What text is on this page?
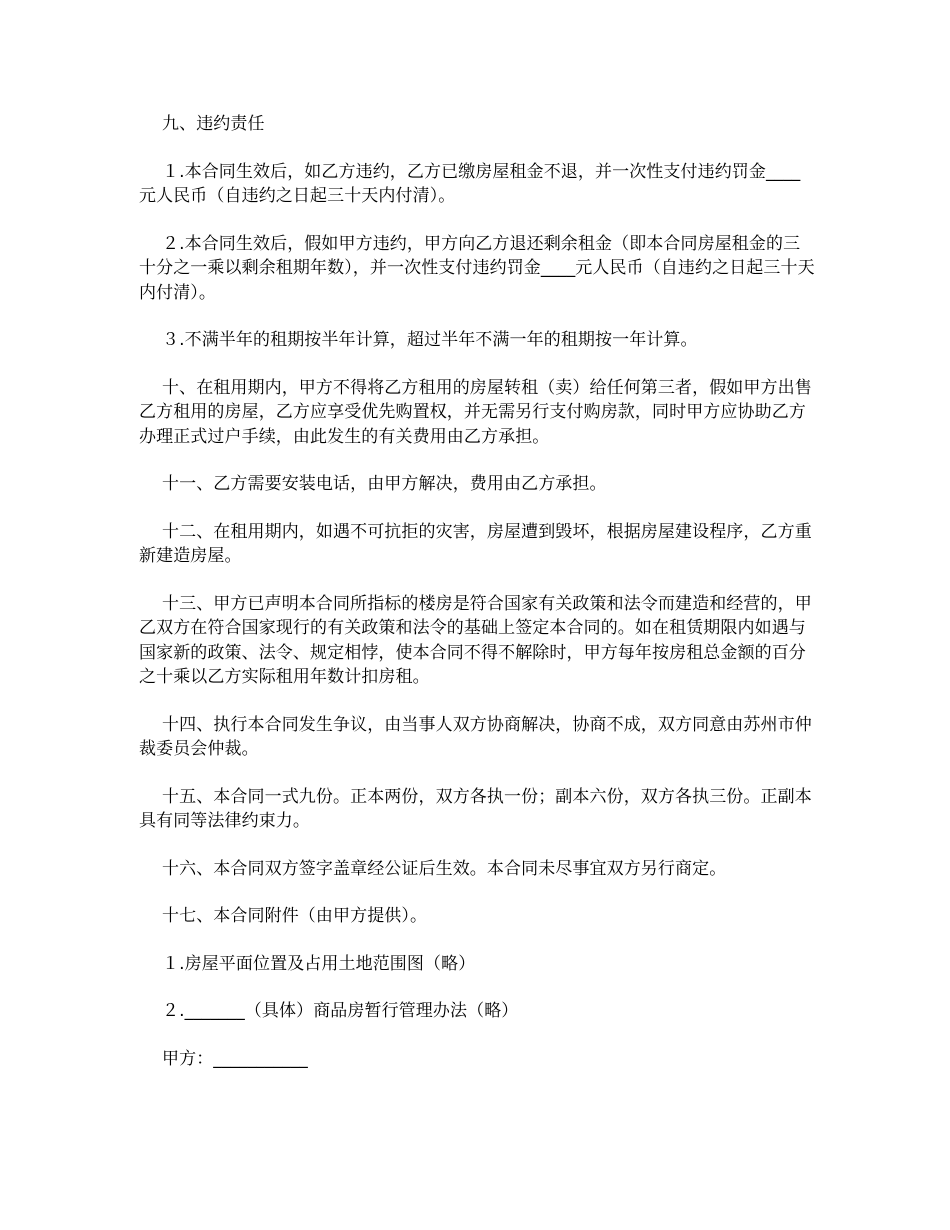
九、违约责任

１.本合同生效后，如乙方违约，乙方已缴房屋租金不退，并一次性支付违约罚金____元人民币（自违约之日起三十天内付清）。

２.本合同生效后，假如甲方违约，甲方向乙方退还剩余租金（即本合同房屋租金的三十分之一乘以剩余租期年数），并一次性支付违约罚金____元人民币（自违约之日起三十天内付清）。

３.不满半年的租期按半年计算，超过半年不满一年的租期按一年计算。

十、在租用期内，甲方不得将乙方租用的房屋转租（卖）给任何第三者，假如甲方出售乙方租用的房屋，乙方应享受优先购置权，并无需另行支付购房款，同时甲方应协助乙方办理正式过户手续，由此发生的有关费用由乙方承担。

十一、乙方需要安装电话，由甲方解决，费用由乙方承担。

十二、在租用期内，如遇不可抗拒的灾害，房屋遭到毁坏，根据房屋建设程序，乙方重新建造房屋。

十三、甲方已声明本合同所指标的楼房是符合国家有关政策和法令而建造和经营的，甲乙双方在符合国家现行的有关政策和法令的基础上签定本合同的。如在租赁期限内如遇与国家新的政策、法令、规定相悖，使本合同不得不解除时，甲方每年按房租总金额的百分之十乘以乙方实际租用年数计扣房租。

十四、执行本合同发生争议，由当事人双方协商解决，协商不成，双方同意由苏州市仲裁委员会仲裁。

十五、本合同一式九份。正本两份，双方各执一份；副本六份，双方各执三份。正副本具有同等法律约束力。

十六、本合同双方签字盖章经公证后生效。本合同未尽事宜双方另行商定。

十七、本合同附件（由甲方提供）。

１.房屋平面位置及占用土地范围图（略）

２._______（具体）商品房暂行管理办法（略）

甲方：___________
